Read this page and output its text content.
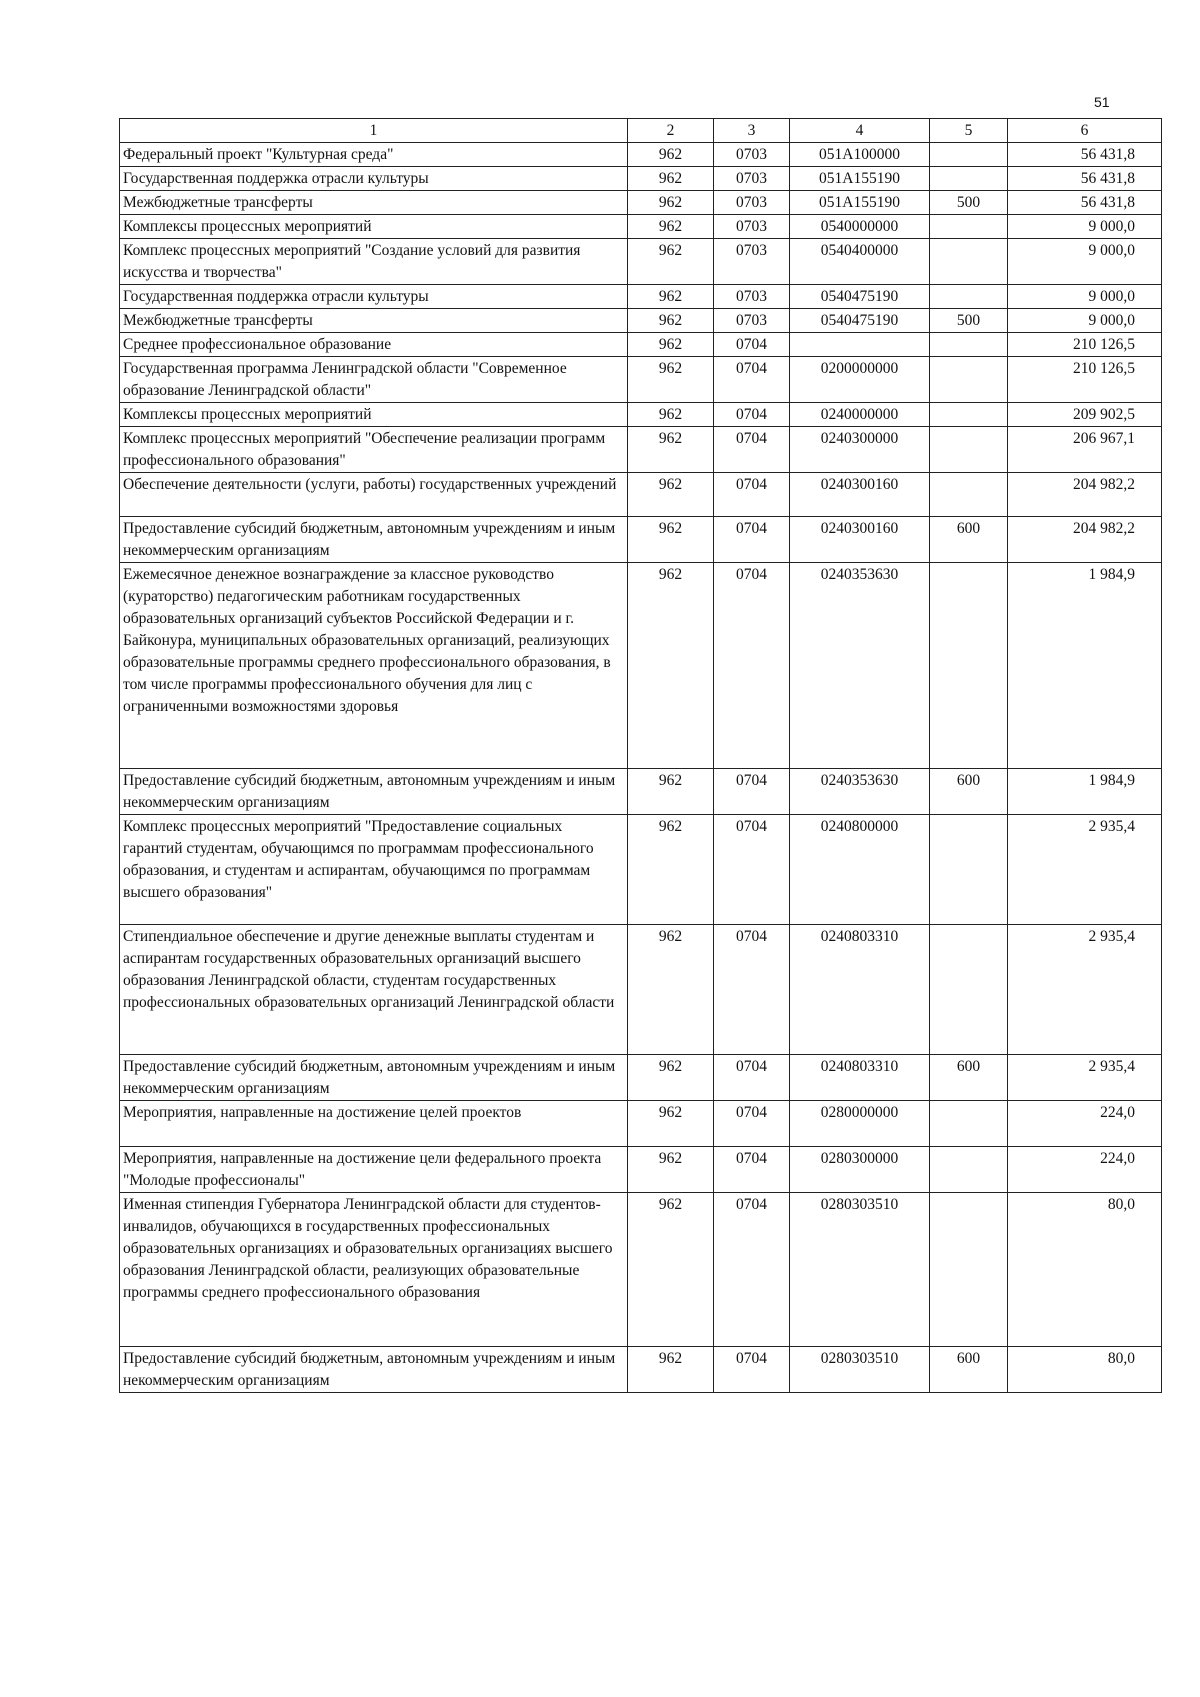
51
1	2	3	4	5	6
Федеральный проект "Культурная среда"	962	0703	051A100000		56 431,8
Государственная поддержка отрасли культуры	962	0703	051A155190		56 431,8
Межбюджетные трансферты	962	0703	051A155190	500	56 431,8
Комплексы процессных мероприятий	962	0703	0540000000		9 000,0
Комплекс процессных мероприятий "Создание условий для развития искусства и творчества"	962	0703	0540400000		9 000,0
Государственная поддержка отрасли культуры	962	0703	0540475190		9 000,0
Межбюджетные трансферты	962	0703	0540475190	500	9 000,0
Среднее профессиональное образование	962	0704			210 126,5
Государственная программа Ленинградской области "Современное образование Ленинградской области"	962	0704	0200000000		210 126,5
Комплексы процессных мероприятий	962	0704	0240000000		209 902,5
Комплекс процессных мероприятий "Обеспечение реализации программ профессионального образования"	962	0704	0240300000		206 967,1
Обеспечение деятельности (услуги, работы) государственных учреждений	962	0704	0240300160		204 982,2
Предоставление субсидий бюджетным, автономным учреждениям и иным некоммерческим организациям	962	0704	0240300160	600	204 982,2
Ежемесячное денежное вознаграждение за классное руководство (кураторство) педагогическим работникам государственных образовательных организаций субъектов Российской Федерации и г. Байконура, муниципальных образовательных организаций, реализующих образовательные программы среднего профессионального образования, в том числе программы профессионального обучения для лиц с ограниченными возможностями здоровья	962	0704	0240353630		1 984,9
Предоставление субсидий бюджетным, автономным учреждениям и иным некоммерческим организациям	962	0704	0240353630	600	1 984,9
Комплекс процессных мероприятий "Предоставление социальных гарантий студентам, обучающимся по программам профессионального образования, и студентам и аспирантам, обучающимся по программам высшего образования"	962	0704	0240800000		2 935,4
Стипендиальное обеспечение и другие денежные выплаты студентам и аспирантам государственных образовательных организаций высшего образования Ленинградской области, студентам государственных профессиональных образовательных организаций Ленинградской области	962	0704	0240803310		2 935,4
Предоставление субсидий бюджетным, автономным учреждениям и иным некоммерческим организациям	962	0704	0240803310	600	2 935,4
Мероприятия, направленные на достижение целей проектов	962	0704	0280000000		224,0
Мероприятия, направленные на достижение цели федерального проекта "Молодые профессионалы"	962	0704	0280300000		224,0
Именная стипендия Губернатора Ленинградской области для студентов-инвалидов, обучающихся в государственных профессиональных образовательных организациях и образовательных организациях высшего образования Ленинградской области, реализующих образовательные программы среднего профессионального образования	962	0704	0280303510		80,0
Предоставление субсидий бюджетным, автономным учреждениям и иным некоммерческим организациям	962	0704	0280303510	600	80,0
